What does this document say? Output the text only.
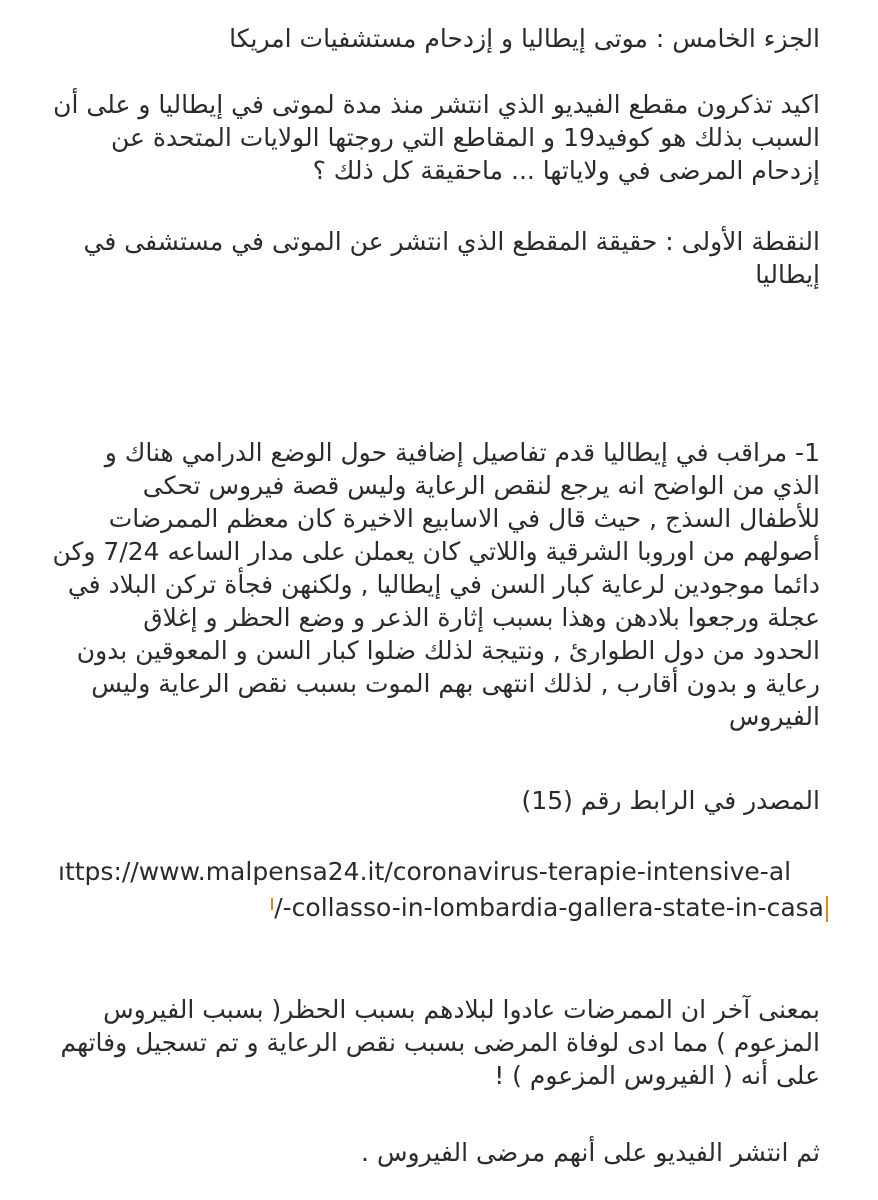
الجزء الخامس : موتى إيطاليا و إزدحام مستشفيات امريكا

اكيد تذكرون مقطع الفيديو الذي انتشر منذ مدة لموتى في إيطاليا و على أن
السبب بذلك هو كوفيد19 و المقاطع التي روجتها الولايات المتحدة عن
إزدحام المرضى في ولاياتها ... ماحقيقة كل ذلك ؟

النقطة الأولى : حقيقة المقطع الذي انتشر عن الموتى في مستشفى في
إيطاليا

1- مراقب في إيطاليا قدم تفاصيل إضافية حول الوضع الدرامي هناك و
الذي من الواضح انه يرجع لنقص الرعاية وليس قصة فيروس تحكى
للأطفال السذج , حيث قال في الاسابيع الاخيرة كان معظم الممرضات
أصولهم من اوروبا الشرقية واللاتي كان يعملن على مدار الساعه 7/24 وكن
دائما موجودين لرعاية كبار السن في إيطاليا , ولكنهن فجأة تركن البلاد في
عجلة ورجعوا بلادهن وهذا بسبب إثارة الذعر و وضع الحظر و إغلاق
الحدود من دول الطوارئ , ونتيجة لذلك ضلوا كبار السن و المعوقين بدون
رعاية و بدون أقارب , لذلك انتهى بهم الموت بسبب نقص الرعاية وليس
الفيروس

المصدر في الرابط رقم (15)

ıttps://www.malpensa24.it/coronavirus-terapie-intensive-al
/-collasso-in-lombardia-gallera-state-in-casa

بمعنى آخر ان الممرضات عادوا لبلادهم بسبب الحظر( بسبب الفيروس
المزعوم ) مما ادى لوفاة المرضى بسبب نقص الرعاية و تم تسجيل وفاتهم
على أنه ( الفيروس المزعوم ) !

ثم انتشر الفيديو على أنهم مرضى الفيروس .
